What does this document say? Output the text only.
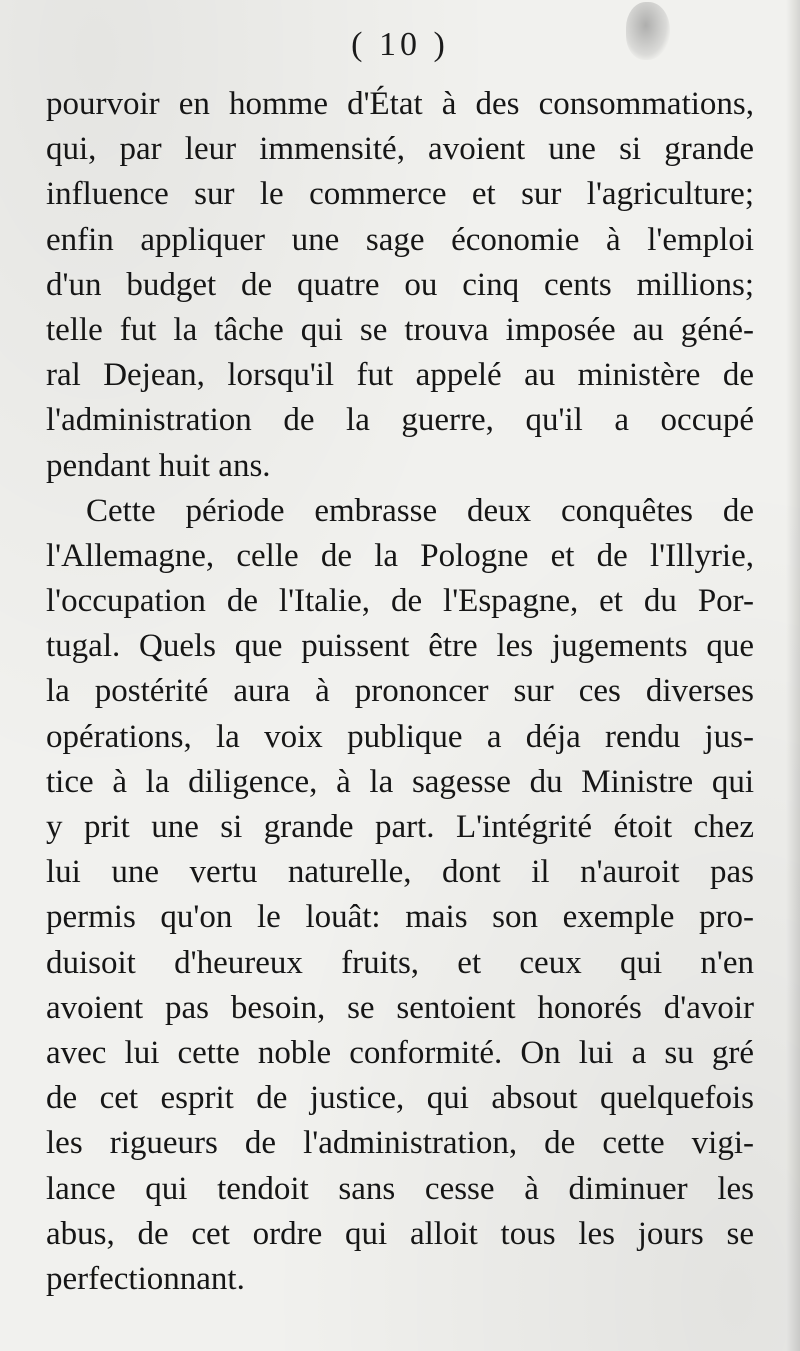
( 10 )
pourvoir en homme d'État à des consommations,
qui, par leur immensité, avoient une si grande
influence sur le commerce et sur l'agriculture;
enfin appliquer une sage économie à l'emploi
d'un budget de quatre ou cinq cents millions;
telle fut la tâche qui se trouva imposée au géné-
ral Dejean, lorsqu'il fut appelé au ministère de
l'administration de la guerre, qu'il a occupé
pendant huit ans.
Cette période embrasse deux conquêtes de
l'Allemagne, celle de la Pologne et de l'Illyrie,
l'occupation de l'Italie, de l'Espagne, et du Por-
tugal. Quels que puissent être les jugements que
la postérité aura à prononcer sur ces diverses
opérations, la voix publique a déja rendu jus-
tice à la diligence, à la sagesse du Ministre qui
y prit une si grande part. L'intégrité étoit chez
lui une vertu naturelle, dont il n'auroit pas
permis qu'on le louât: mais son exemple pro-
duisoit d'heureux fruits, et ceux qui n'en
avoient pas besoin, se sentoient honorés d'avoir
avec lui cette noble conformité. On lui a su gré
de cet esprit de justice, qui absout quelquefois
les rigueurs de l'administration, de cette vigi-
lance qui tendoit sans cesse à diminuer les
abus, de cet ordre qui alloit tous les jours se
perfectionnant.
